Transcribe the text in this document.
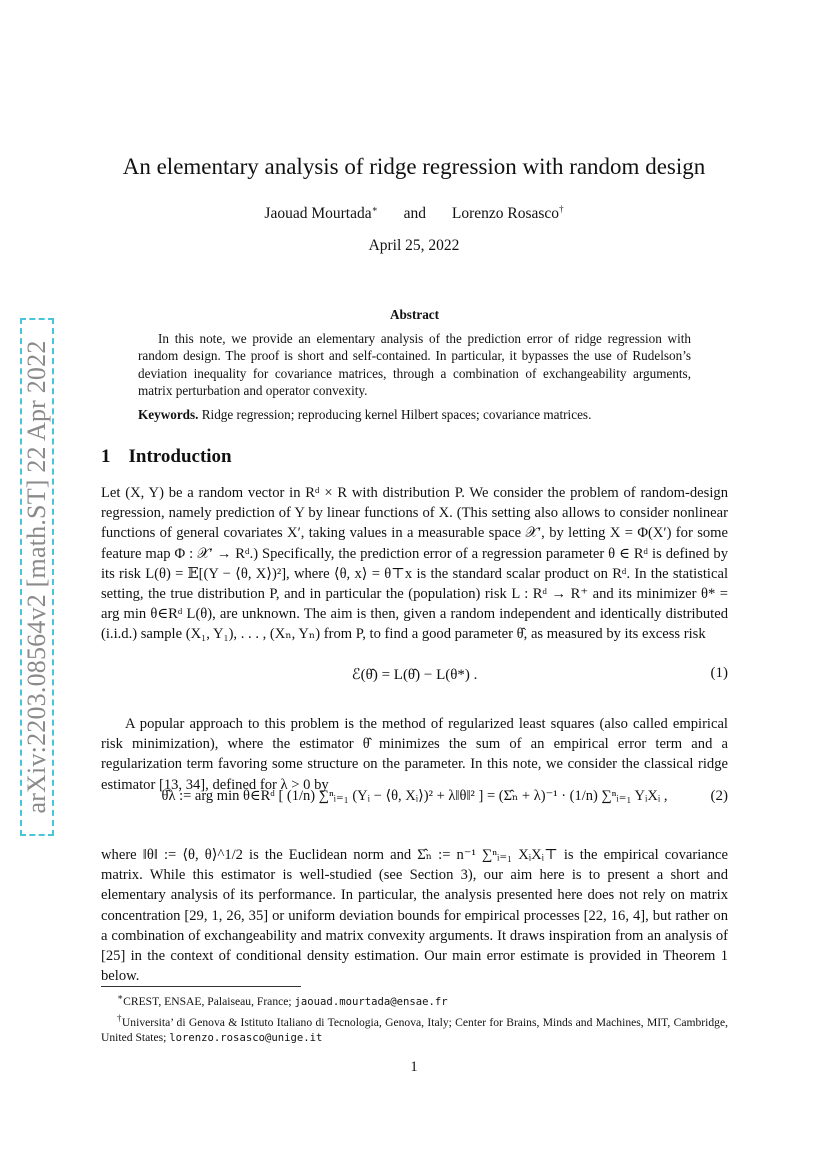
arXiv:2203.08564v2 [math.ST] 22 Apr 2022
An elementary analysis of ridge regression with random design
Jaouad Mourtada∗ and Lorenzo Rosasco†
April 25, 2022
Abstract

In this note, we provide an elementary analysis of the prediction error of ridge regression with random design. The proof is short and self-contained. In particular, it bypasses the use of Rudelson’s deviation inequality for covariance matrices, through a combination of exchangeability arguments, matrix perturbation and operator convexity.

Keywords. Ridge regression; reproducing kernel Hilbert spaces; covariance matrices.
1 Introduction
Let (X, Y) be a random vector in Rᵈ × R with distribution P. We consider the problem of random-design regression, namely prediction of Y by linear functions of X. (This setting also allows to consider nonlinear functions of general covariates X′, taking values in a measurable space 𝒳′, by letting X = Φ(X′) for some feature map Φ : 𝒳′ → Rᵈ.) Specifically, the prediction error of a regression parameter θ ∈ Rᵈ is defined by its risk L(θ) = 𝔼[(Y − ⟨θ, X⟩)²], where ⟨θ, x⟩ = θ⊤x is the standard scalar product on Rᵈ. In the statistical setting, the true distribution P, and in particular the (population) risk L : Rᵈ → R⁺ and its minimizer θ* = arg min θ∈Rᵈ L(θ), are unknown. The aim is then, given a random independent and identically distributed (i.i.d.) sample (X₁, Y₁), . . . , (Xₙ, Yₙ) from P, to find a good parameter θ̂, as measured by its excess risk
ℰ(θ̂) = L(θ̂) − L(θ*) .	(1)
A popular approach to this problem is the method of regularized least squares (also called empirical risk minimization), where the estimator θ̂ minimizes the sum of an empirical error term and a regularization term favoring some structure on the parameter. In this note, we consider the classical ridge estimator [13, 34], defined for λ > 0 by
θ̂λ := arg min θ∈Rᵈ [ (1/n) ∑ⁿᵢ₌₁ (Yᵢ − ⟨θ, Xᵢ⟩)² + λ‖θ‖² ] = (Σ̂ₙ + λ)⁻¹ · (1/n) ∑ⁿᵢ₌₁ YᵢXᵢ ,	(2)
where ‖θ‖ := ⟨θ, θ⟩^1/2 is the Euclidean norm and Σ̂ₙ := n⁻¹ ∑ⁿᵢ₌₁ XᵢXᵢ⊤ is the empirical covariance matrix. While this estimator is well-studied (see Section 3), our aim here is to present a short and elementary analysis of its performance. In particular, the analysis presented here does not rely on matrix concentration [29, 1, 26, 35] or uniform deviation bounds for empirical processes [22, 16, 4], but rather on a combination of exchangeability and matrix convexity arguments. It draws inspiration from an analysis of [25] in the context of conditional density estimation. Our main error estimate is provided in Theorem 1 below.

∗CREST, ENSAE, Palaiseau, France; jaouad.mourtada@ensae.fr

†Universita’ di Genova & Istituto Italiano di Tecnologia, Genova, Italy; Center for Brains, Minds and Machines, MIT, Cambridge, United States; lorenzo.rosasco@unige.it

1
